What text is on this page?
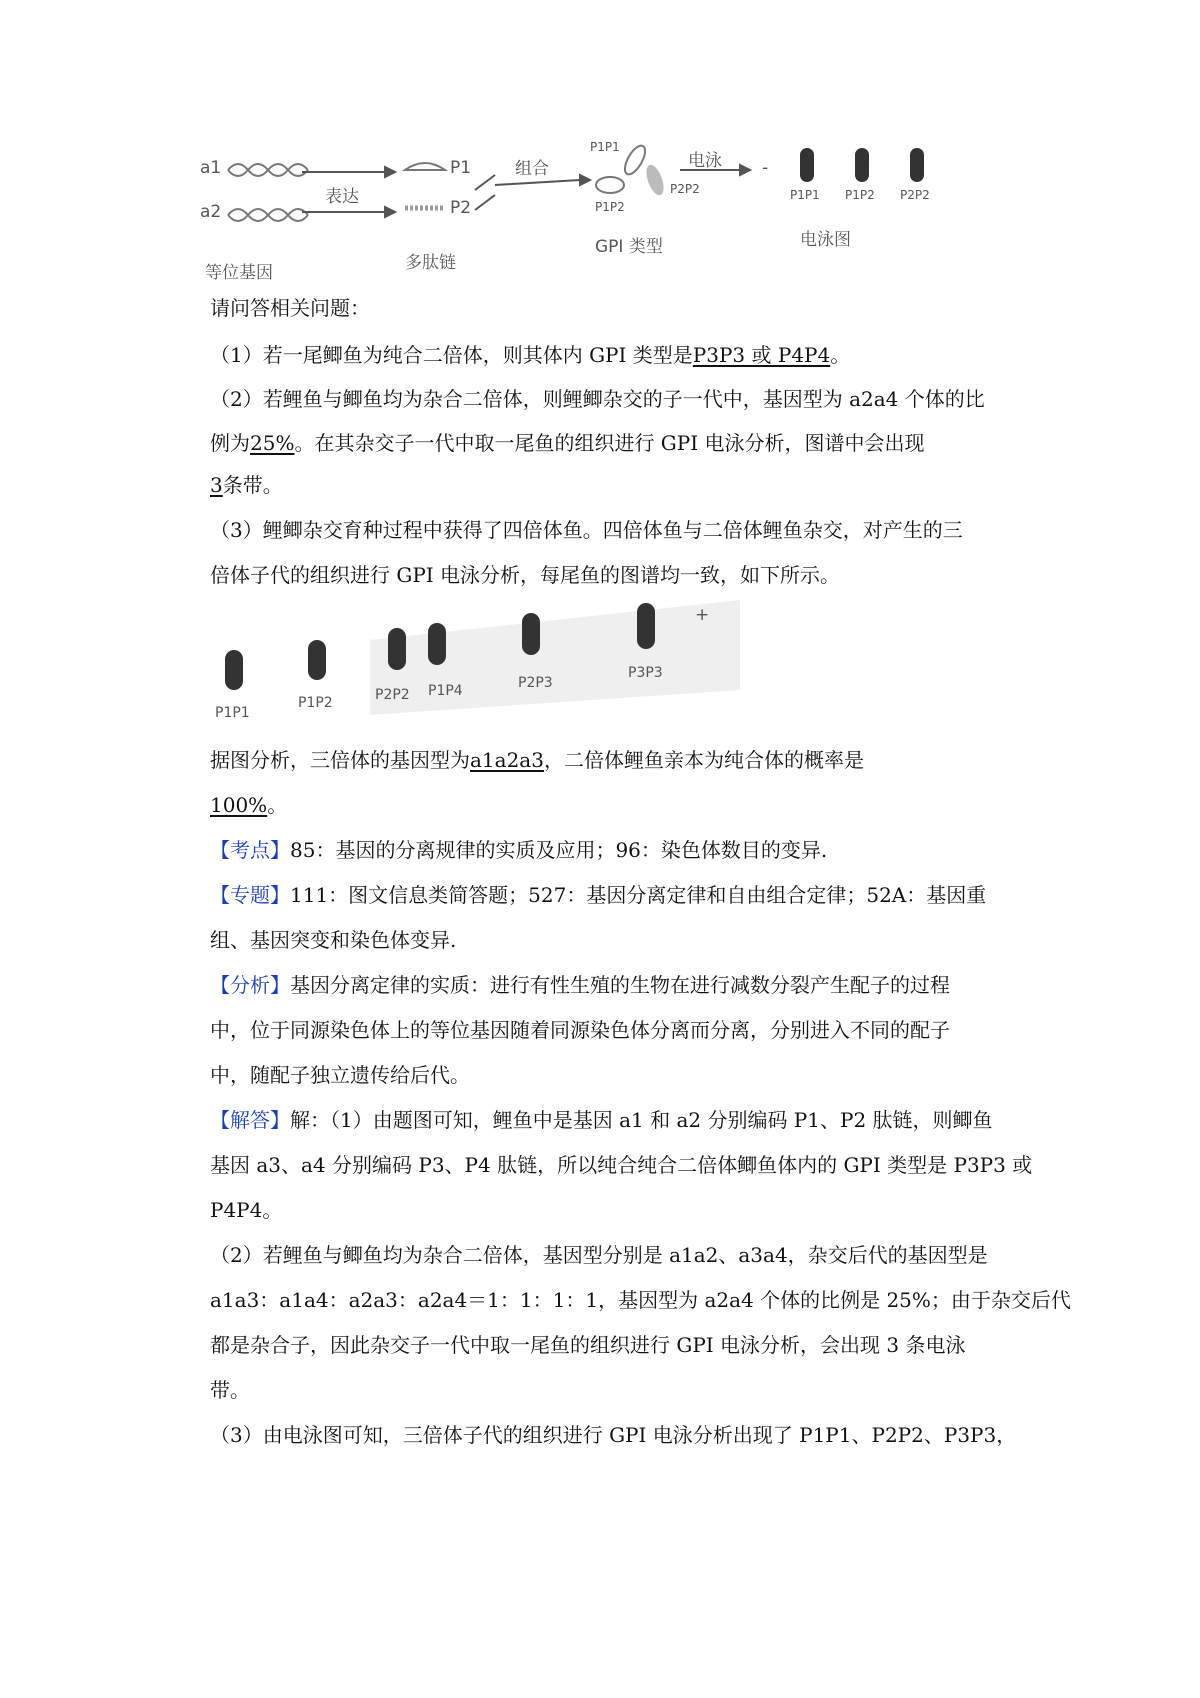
a1
a2
表达
P1
P2
组合
P1P1
P1P2
P2P2
电泳 -
P1P1 P1P2 P2P2
等位基因	多肽链
GPI 类型	电泳图
请问答相关问题：
（1）若一尾鲫鱼为纯合二倍体，则其体内 GPI 类型是P3P3 或 P4P4。
（2）若鲤鱼与鲫鱼均为杂合二倍体，则鲤鲫杂交的子一代中，基因型为 a2a4 个体的比
例为25%。在其杂交子一代中取一尾鱼的组织进行 GPI 电泳分析，图谱中会出现
3条带。
（3）鲤鲫杂交育种过程中获得了四倍体鱼。四倍体鱼与二倍体鲤鱼杂交，对产生的三
倍体子代的组织进行 GPI 电泳分析，每尾鱼的图谱均一致，如下所示。
+
P1P1
P1P2	P2P2 P1P4	P2P3
P3P3
据图分析，三倍体的基因型为a1a2a3，二倍体鲤鱼亲本为纯合体的概率是
100%。
【考点】85：基因的分离规律的实质及应用；96：染色体数目的变异.
【专题】111：图文信息类简答题；527：基因分离定律和自由组合定律；52A：基因重
组、基因突变和染色体变异.
【分析】基因分离定律的实质：进行有性生殖的生物在进行减数分裂产生配子的过程
中，位于同源染色体上的等位基因随着同源染色体分离而分离，分别进入不同的配子
中，随配子独立遗传给后代。
【解答】解：（1）由题图可知，鲤鱼中是基因 a1 和 a2 分别编码 P1、P2 肽链，则鲫鱼
基因 a3、a4 分别编码 P3、P4 肽链，所以纯合纯合二倍体鲫鱼体内的 GPI 类型是 P3P3 或
P4P4。
（2）若鲤鱼与鲫鱼均为杂合二倍体，基因型分别是 a1a2、a3a4，杂交后代的基因型是
a1a3：a1a4：a2a3：a2a4＝1：1：1：1，基因型为 a2a4 个体的比例是 25%；由于杂交后代
都是杂合子，因此杂交子一代中取一尾鱼的组织进行 GPI 电泳分析，会出现 3 条电泳
带。
（3）由电泳图可知，三倍体子代的组织进行 GPI 电泳分析出现了 P1P1、P2P2、P3P3，
